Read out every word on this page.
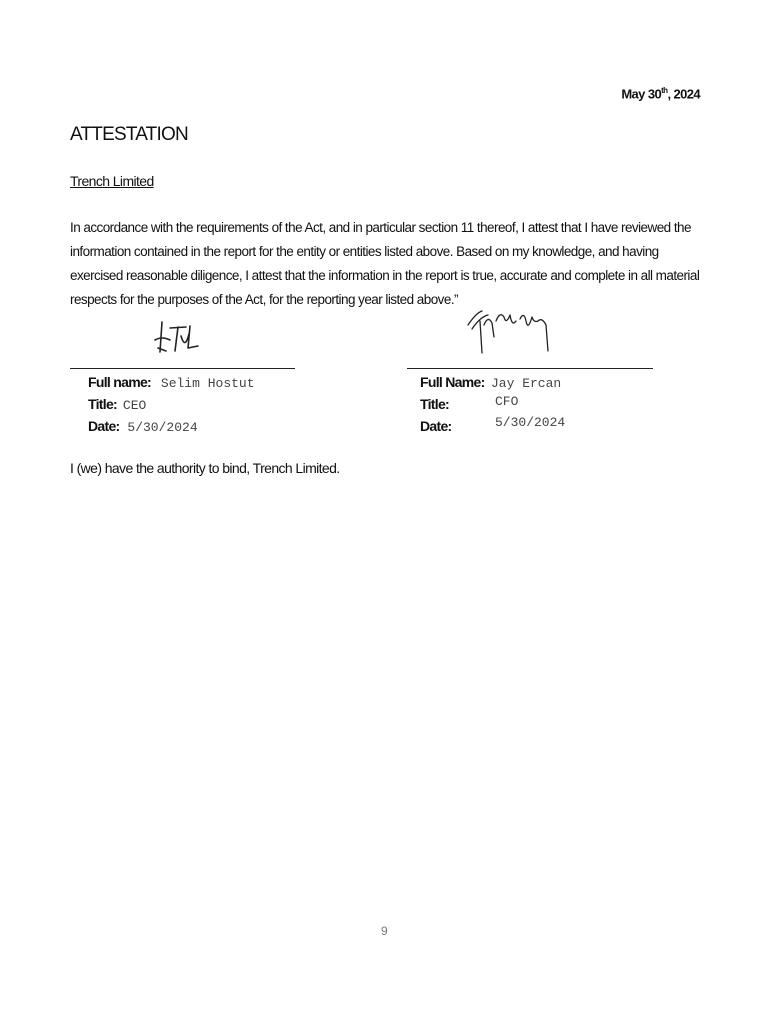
May 30th, 2024
ATTESTATION
Trench Limited

In accordance with the requirements of the Act, and in particular section 11 thereof, I attest that I have reviewed the information contained in the report for the entity or entities listed above. Based on my knowledge, and having exercised reasonable diligence, I attest that the information in the report is true, accurate and complete in all material respects for the purposes of the Act, for the reporting year listed above.”

Full name: Selim Hostut
Title: CEO
Date: 5/30/2024
Full Name: Jay Ercan
Title:	CFO
Date:	5/30/2024
I (we) have the authority to bind, Trench Limited.
9
